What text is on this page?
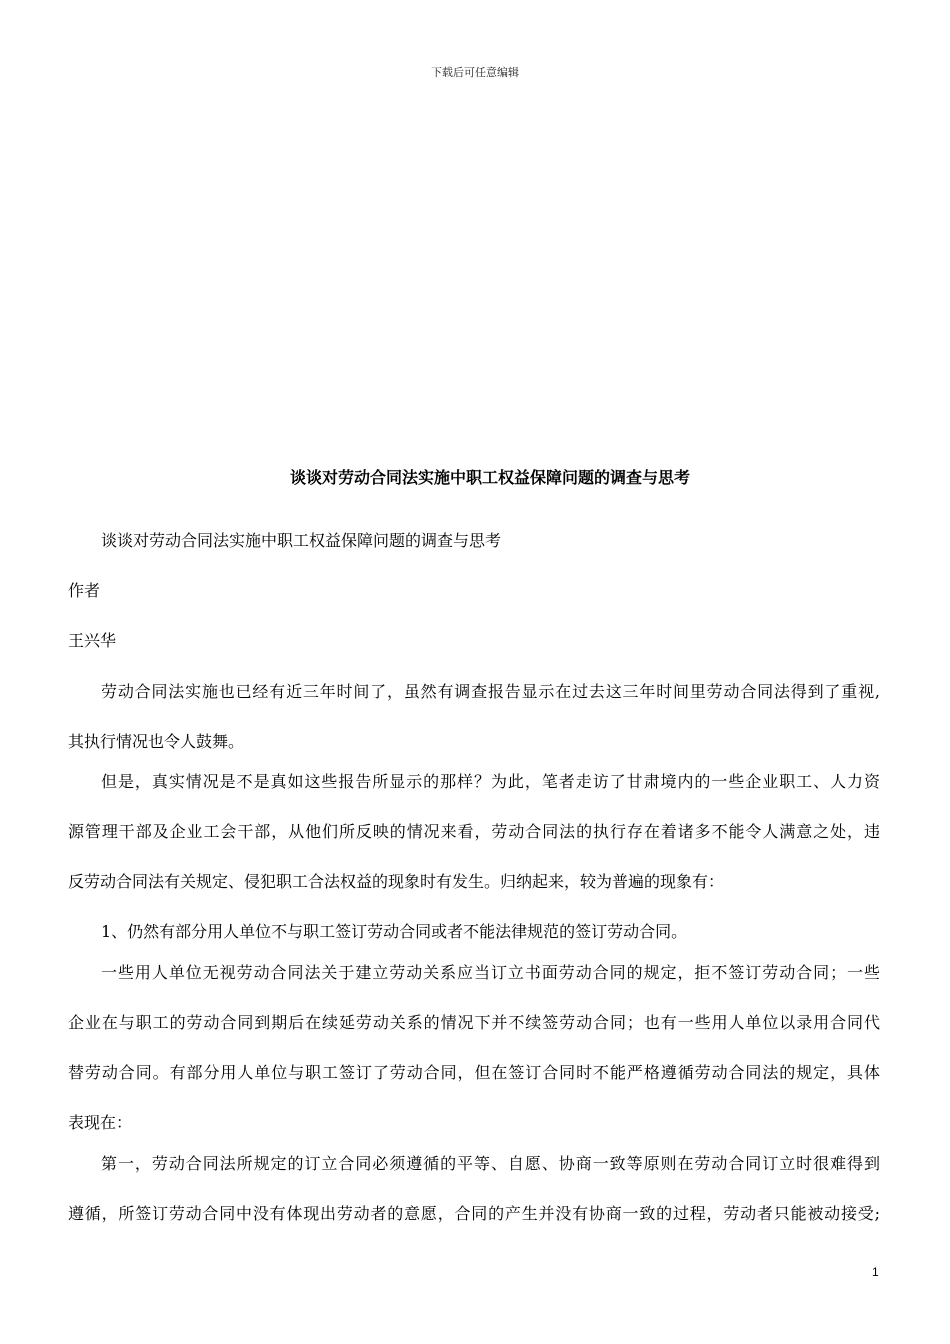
下载后可任意编辑
谈谈对劳动合同法实施中职工权益保障问题的调查与思考
谈谈对劳动合同法实施中职工权益保障问题的调查与思考
作者
王兴华
劳动合同法实施也已经有近三年时间了，虽然有调查报告显示在过去这三年时间里劳动合同法得到了重视,
其执行情况也令人鼓舞。
但是，真实情况是不是真如这些报告所显示的那样？为此，笔者走访了甘肃境内的一些企业职工、人力资
源管理干部及企业工会干部，从他们所反映的情况来看，劳动合同法的执行存在着诸多不能令人满意之处，违
反劳动合同法有关规定、侵犯职工合法权益的现象时有发生。归纳起来，较为普遍的现象有：
1、仍然有部分用人单位不与职工签订劳动合同或者不能法律规范的签订劳动合同。
一些用人单位无视劳动合同法关于建立劳动关系应当订立书面劳动合同的规定，拒不签订劳动合同；一些
企业在与职工的劳动合同到期后在续延劳动关系的情况下并不续签劳动合同；也有一些用人单位以录用合同代
替劳动合同。有部分用人单位与职工签订了劳动合同，但在签订合同时不能严格遵循劳动合同法的规定，具体
表现在：
第一，劳动合同法所规定的订立合同必须遵循的平等、自愿、协商一致等原则在劳动合同订立时很难得到
遵循，所签订劳动合同中没有体现出劳动者的意愿，合同的产生并没有协商一致的过程，劳动者只能被动接受;
1
